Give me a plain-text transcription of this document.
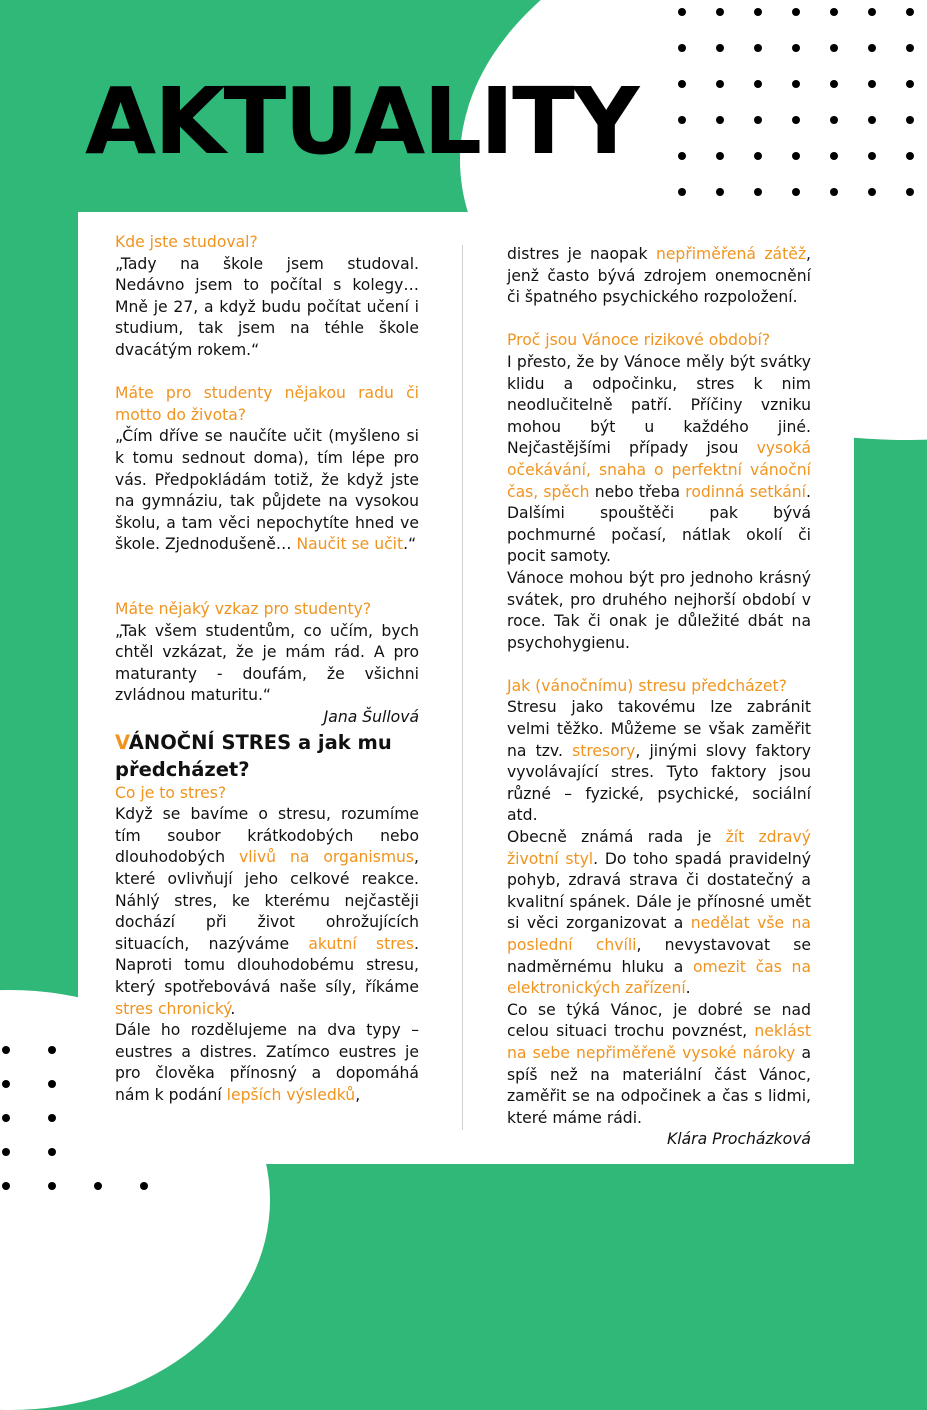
AKTUALITY

Kde jste studoval?

„Tady na škole jsem studoval. Nedávno jsem to počítal s kolegy… Mně je 27, a když budu počítat učení i studium, tak jsem na téhle škole dvacátým rokem.“

Máte pro studenty nějakou radu či motto do života?

„Čím dříve se naučíte učit (myšleno si k tomu sednout doma), tím lépe pro vás. Předpokládám totiž, že když jste na gymnáziu, tak půjdete na vysokou školu, a tam věci nepochytíte hned ve škole. Zjednodušeně… Naučit se učit.“

Máte nějaký vzkaz pro studenty?

„Tak všem studentům, co učím, bych chtěl vzkázat, že je mám rád. A pro maturanty - doufám, že všichni zvládnou maturitu.“

Jana Šullová

VÁNOČNÍ STRES a jak mu předcházet?

Co je to stres?

Když se bavíme o stresu, rozumíme tím soubor krátkodobých nebo dlouhodobých vlivů na organismus, které ovlivňují jeho celkové reakce. Náhlý stres, ke kterému nejčastěji dochází při život ohrožujících situacích, nazýváme akutní stres. Naproti tomu dlouhodobému stresu, který spotřebovává naše síly, říkáme stres chronický.

Dále ho rozdělujeme na dva typy – eustres a distres. Zatímco eustres je pro člověka přínosný a dopomáhá nám k podání lepších výsledků,

distres je naopak nepřiměřená zátěž, jenž často bývá zdrojem onemocnění či špatného psychického rozpoložení.

Proč jsou Vánoce rizikové období?

I přesto, že by Vánoce měly být svátky klidu a odpočinku, stres k nim neodlučitelně patří. Příčiny vzniku mohou být u každého jiné. Nejčastějšími případy jsou vysoká očekávání, snaha o perfektní vánoční čas, spěch nebo třeba rodinná setkání. Dalšími spouštěči pak bývá pochmurné počasí, nátlak okolí či pocit samoty.

Vánoce mohou být pro jednoho krásný svátek, pro druhého nejhorší období v roce. Tak či onak je důležité dbát na psychohygienu.

Jak (vánočnímu) stresu předcházet?

Stresu jako takovému lze zabránit velmi těžko. Můžeme se však zaměřit na tzv. stresory, jinými slovy faktory vyvolávající stres. Tyto faktory jsou různé – fyzické, psychické, sociální atd.

Obecně známá rada je žít zdravý životní styl. Do toho spadá pravidelný pohyb, zdravá strava či dostatečný a kvalitní spánek. Dále je přínosné umět si věci zorganizovat a nedělat vše na poslední chvíli, nevystavovat se nadměrnému hluku a omezit čas na elektronických zařízení.

Co se týká Vánoc, je dobré se nad celou situaci trochu povznést, neklást na sebe nepřiměřeně vysoké nároky a spíš než na materiální část Vánoc, zaměřit se na odpočinek a čas s lidmi, které máme rádi.

Klára Procházková
